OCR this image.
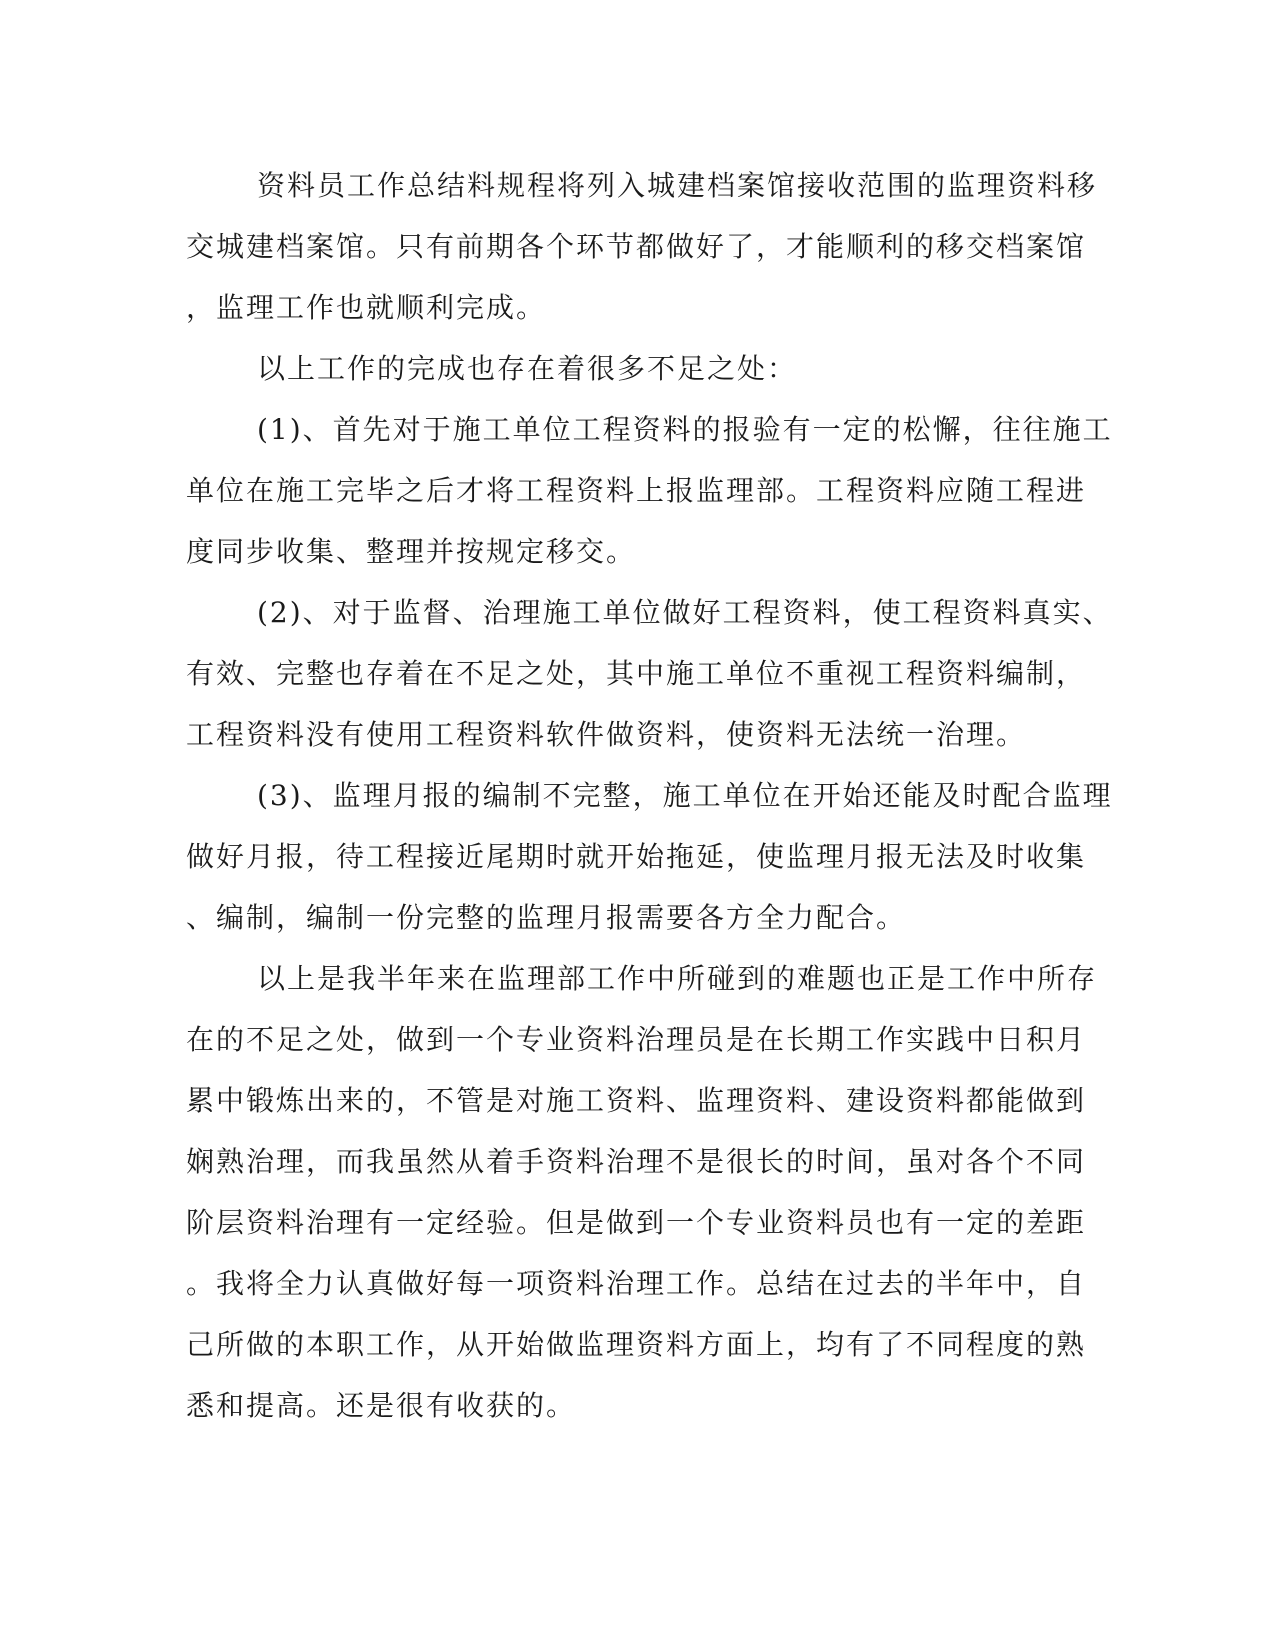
资料员工作总结料规程将列入城建档案馆接收范围的监理资料移
交城建档案馆。只有前期各个环节都做好了，才能顺利的移交档案馆
，监理工作也就顺利完成。
以上工作的完成也存在着很多不足之处：
(1)、首先对于施工单位工程资料的报验有一定的松懈，往往施工
单位在施工完毕之后才将工程资料上报监理部。工程资料应随工程进
度同步收集、整理并按规定移交。
(2)、对于监督、治理施工单位做好工程资料，使工程资料真实、
有效、完整也存着在不足之处，其中施工单位不重视工程资料编制，
工程资料没有使用工程资料软件做资料，使资料无法统一治理。
(3)、监理月报的编制不完整，施工单位在开始还能及时配合监理
做好月报，待工程接近尾期时就开始拖延，使监理月报无法及时收集
、编制，编制一份完整的监理月报需要各方全力配合。
以上是我半年来在监理部工作中所碰到的难题也正是工作中所存
在的不足之处，做到一个专业资料治理员是在长期工作实践中日积月
累中锻炼出来的，不管是对施工资料、监理资料、建设资料都能做到
娴熟治理，而我虽然从着手资料治理不是很长的时间，虽对各个不同
阶层资料治理有一定经验。但是做到一个专业资料员也有一定的差距
。我将全力认真做好每一项资料治理工作。总结在过去的半年中，自
己所做的本职工作，从开始做监理资料方面上，均有了不同程度的熟
悉和提高。还是很有收获的。
